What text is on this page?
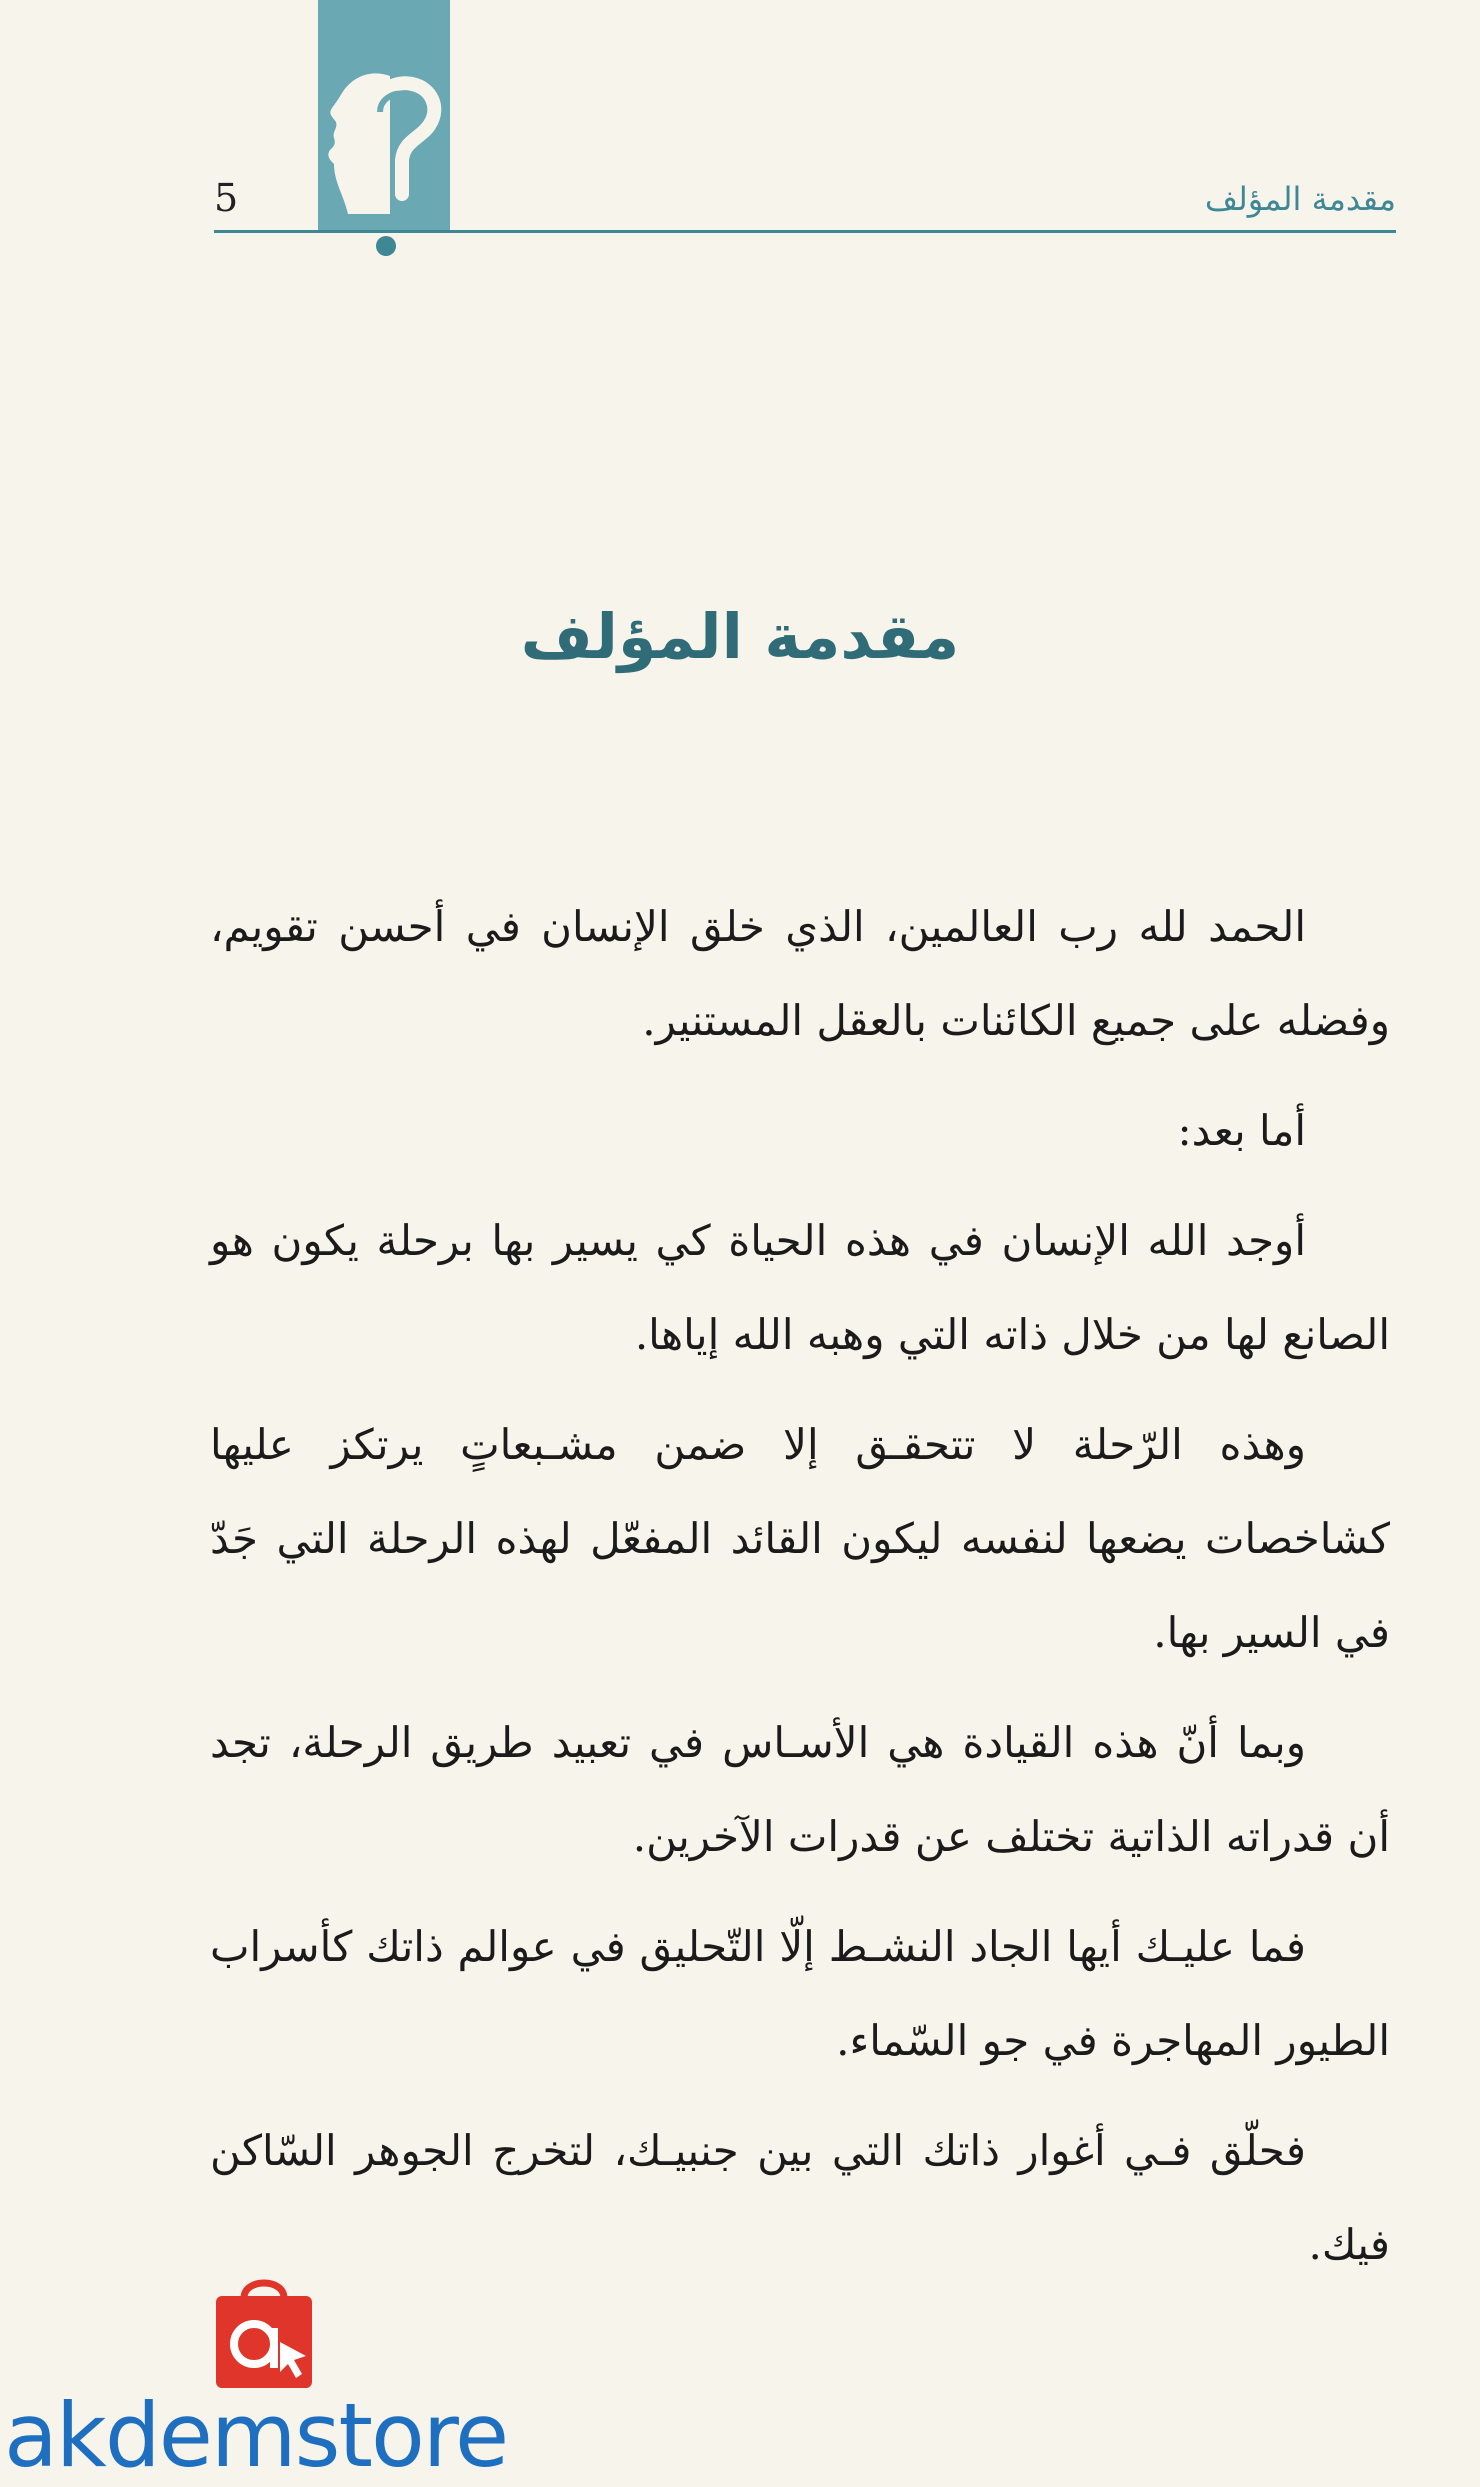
5	مقدمة المؤلف
مقدمة المؤلف

الحمد لله رب العالمين، الذي خلق الإنسان في أحسن تقويم، وفضله على جميع الكائنات بالعقل المستنير.

أما بعد:

أوجد الله الإنسان في هذه الحياة كي يسير بها برحلة يكون هو الصانع لها من خلال ذاته التي وهبه الله إياها.

وهذه الرّحلة لا تتحقـق إلا ضمن مشـبعاتٍ يرتكز عليها كشاخصات يضعها لنفسه ليكون القائد المفعّل لهذه الرحلة التي جَدّ في السير بها.

وبما أنّ هذه القيادة هي الأسـاس في تعبيد طريق الرحلة، تجد أن قدراته الذاتية تختلف عن قدرات الآخرين.

فما عليـك أيها الجاد النشـط إلّا التّحليق في عوالم ذاتك كأسراب الطيور المهاجرة في جو السّماء.

فحلّق فـي أغوار ذاتك التي بين جنبيـك، لتخرج الجوهر السّاكن فيك.

akdemstore
